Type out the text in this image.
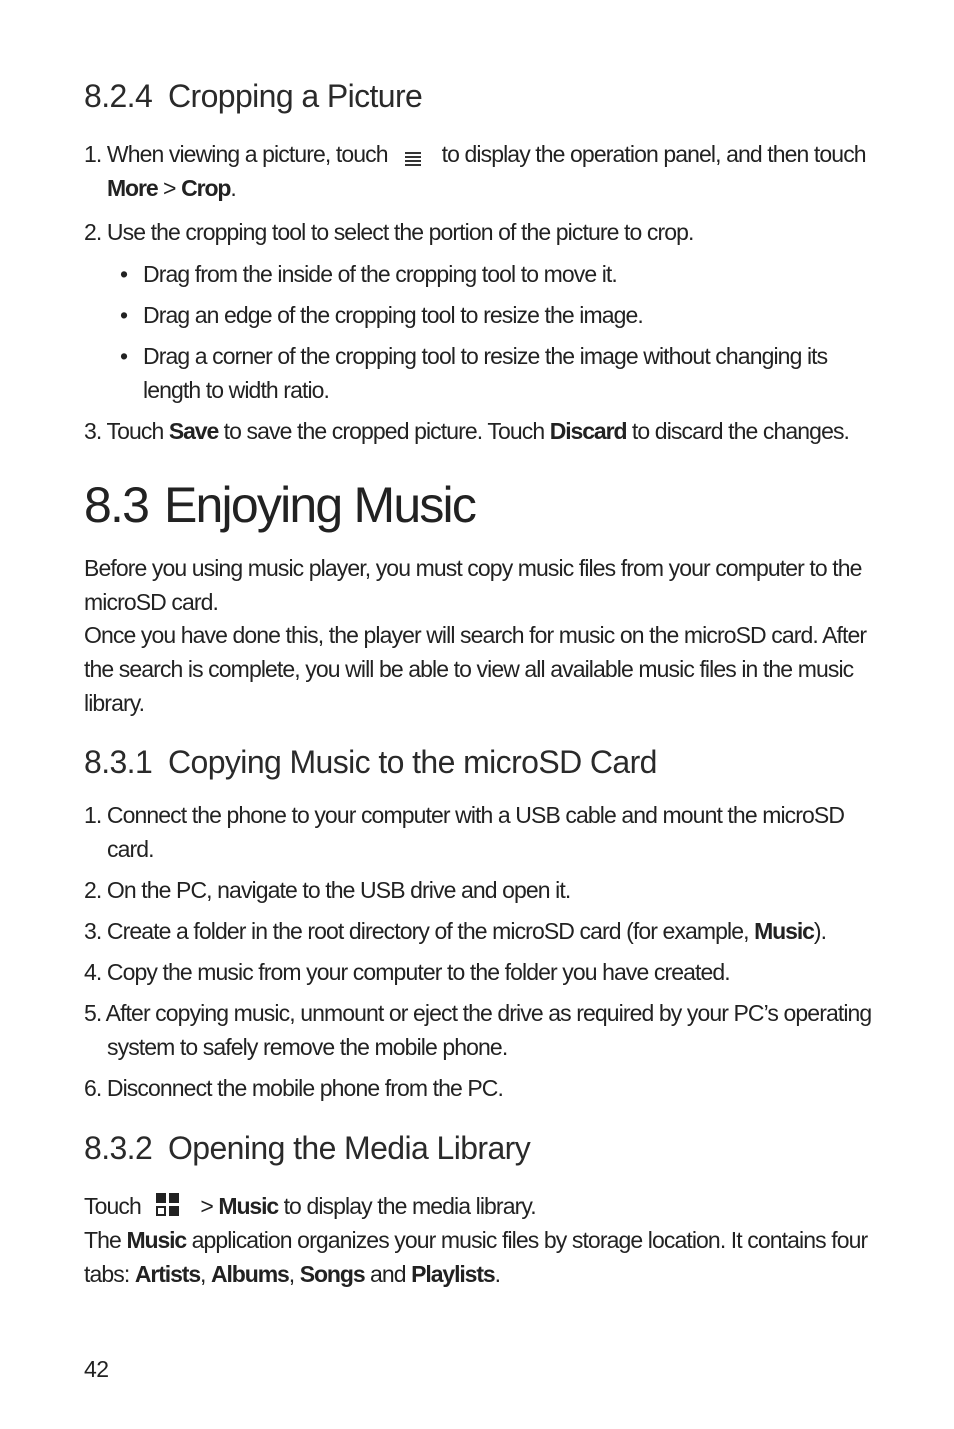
8.2.4 Cropping a Picture
1. When viewing a picture, touch to display the operation panel, and then touch
More > Crop.
2. Use the cropping tool to select the portion of the picture to crop.
• Drag from the inside of the cropping tool to move it.
• Drag an edge of the cropping tool to resize the image.
• Drag a corner of the cropping tool to resize the image without changing its
length to width ratio.
3. Touch Save to save the cropped picture. Touch Discard to discard the changes.
8.3 Enjoying Music
Before you using music player, you must copy music files from your computer to the
microSD card.
Once you have done this, the player will search for music on the microSD card. After
the search is complete, you will be able to view all available music files in the music
library.
8.3.1 Copying Music to the microSD Card
1. Connect the phone to your computer with a USB cable and mount the microSD
card.
2. On the PC, navigate to the USB drive and open it.
3. Create a folder in the root directory of the microSD card (for example, Music).
4. Copy the music from your computer to the folder you have created.
5. After copying music, unmount or eject the drive as required by your PC’s operating
system to safely remove the mobile phone.
6. Disconnect the mobile phone from the PC.
8.3.2 Opening the Media Library
Touch > Music to display the media library.
The Music application organizes your music files by storage location. It contains four
tabs: Artists, Albums, Songs and Playlists.
42
